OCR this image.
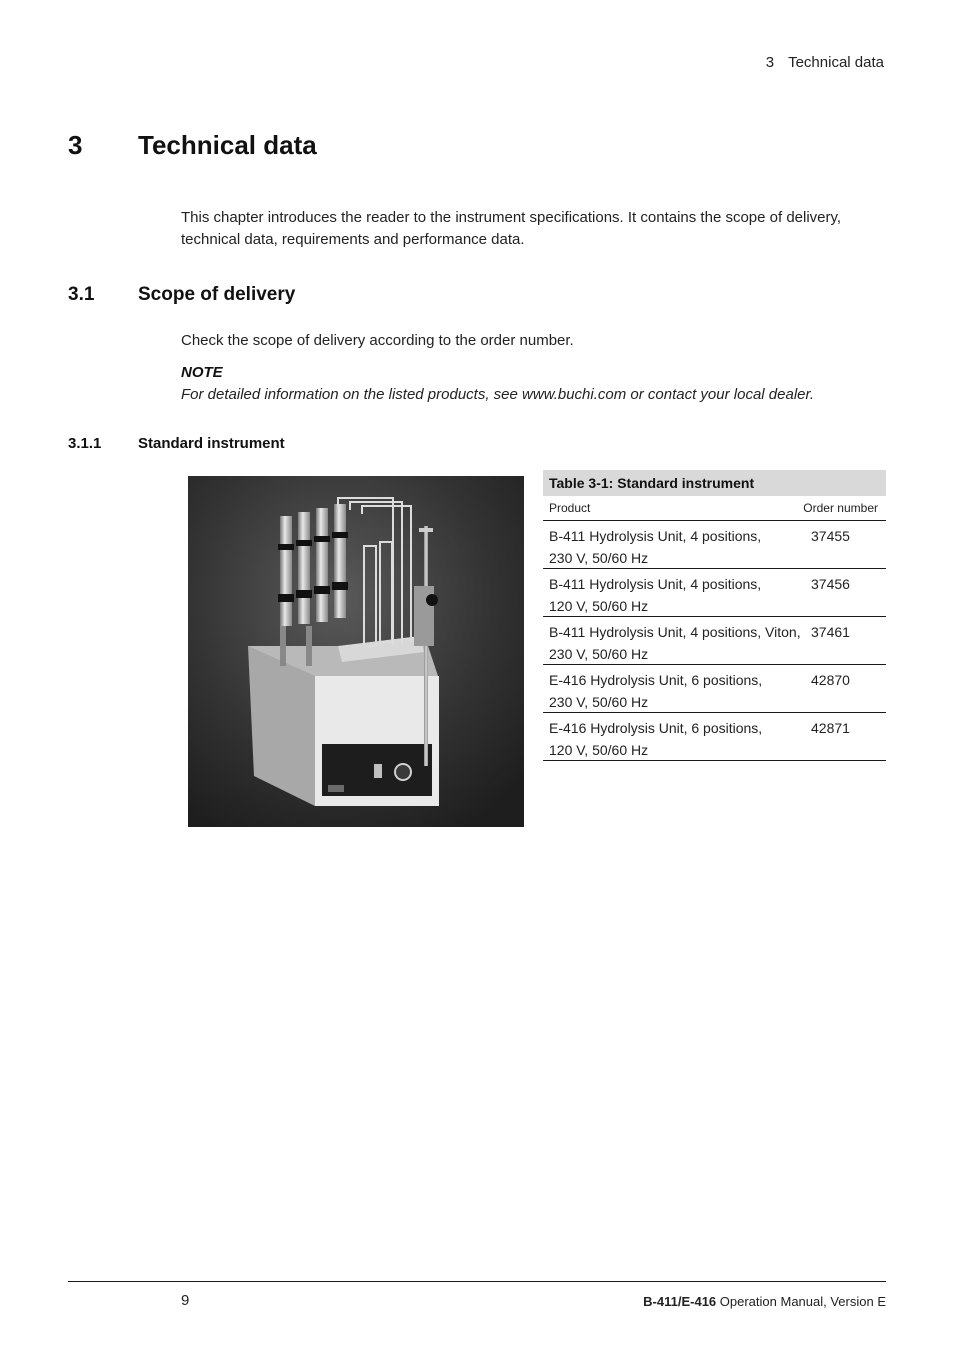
3 Technical data
3 Technical data
This chapter introduces the reader to the instrument specifications. It contains the scope of delivery, technical data, requirements and performance data.
3.1 Scope of delivery
Check the scope of delivery according to the order number.
NOTE
For detailed information on the listed products, see www.buchi.com or contact your local dealer.
3.1.1 Standard instrument
Table 3-1: Standard instrument
Product	Order number
B-411 Hydrolysis Unit, 4 positions,
230 V, 50/60 Hz
37455
B-411 Hydrolysis Unit, 4 positions,
120 V, 50/60 Hz
37456
B-411 Hydrolysis Unit, 4 positions, Viton,
230 V, 50/60 Hz
37461
E-416 Hydrolysis Unit, 6 positions,
230 V, 50/60 Hz
42870
E-416 Hydrolysis Unit, 6 positions,
120 V, 50/60 Hz
42871
9	B-411/E-416 Operation Manual, Version E
